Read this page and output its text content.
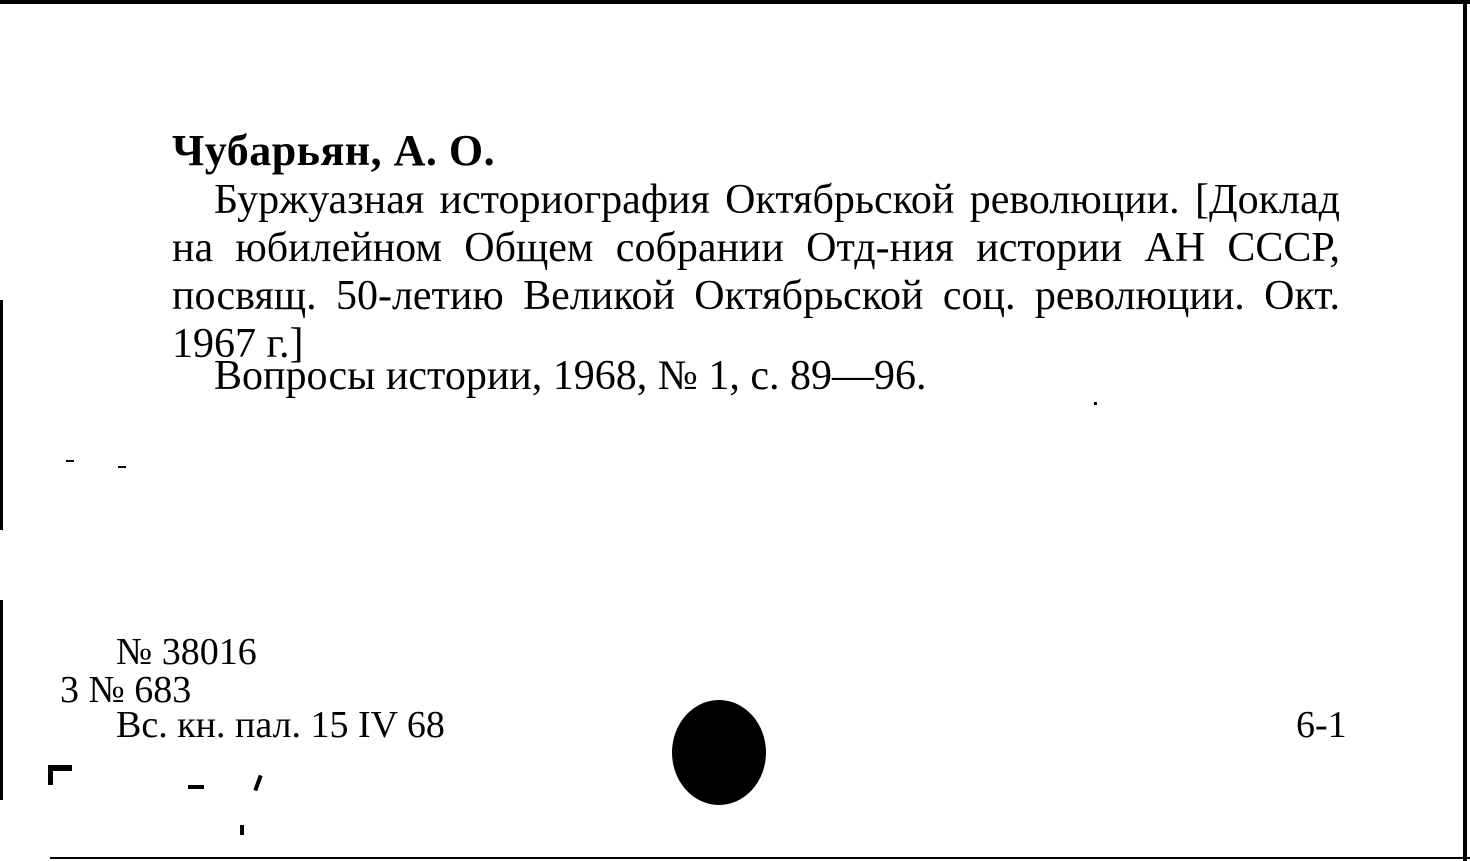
Чубарьян, А. О.
Буржуазная историография Октябрьской революции. [Доклад на юбилейном Общем собрании Отд-ния истории АН СССР, посвящ. 50-летию Великой Октябрьской соц. революции. Окт. 1967 г.]
Вопросы истории, 1968, № 1, с. 89—96.
№ 38016
3 № 683
Вс. кн. пал. 15 IV 68	6-1
